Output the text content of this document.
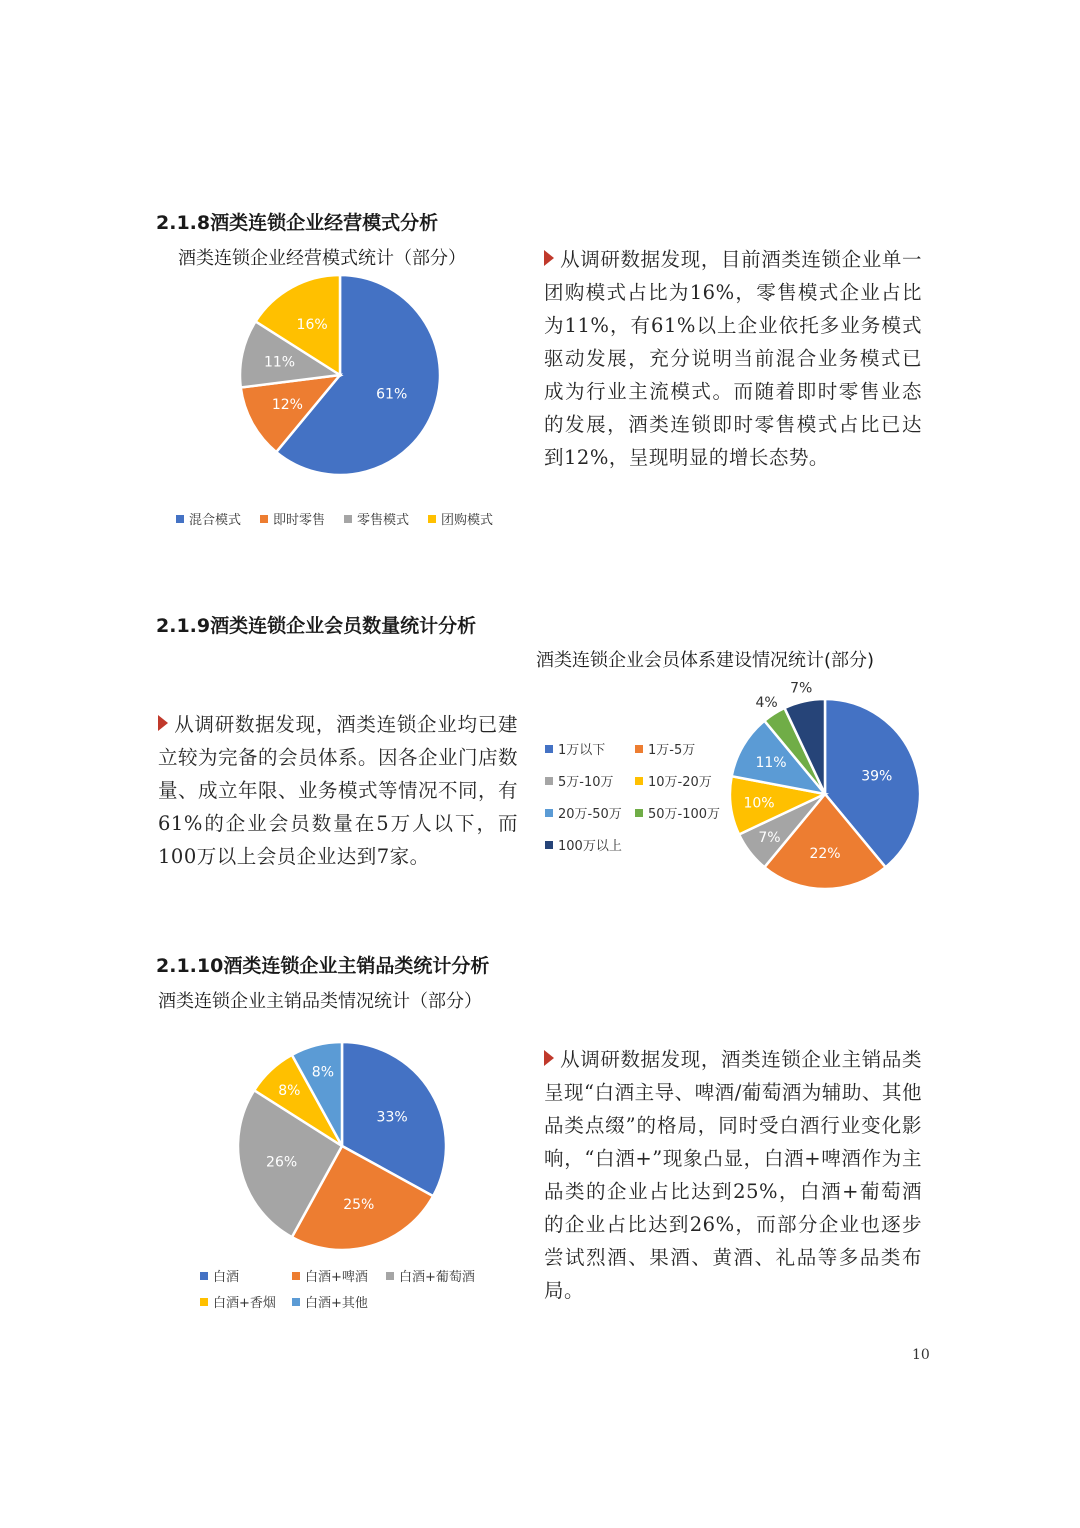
2.1.8酒类连锁企业经营模式分析
酒类连锁企业经营模式统计（部分）
61%
12%
11%
16%
混合模式	即时零售	零售模式	团购模式
从调研数据发现，目前酒类连锁企业单一团购模式占比为16%，零售模式企业占比为11%，有61%以上企业依托多业务模式驱动发展，充分说明当前混合业务模式已成为行业主流模式。而随着即时零售业态的发展，酒类连锁即时零售模式占比已达到12%，呈现明显的增长态势。
2.1.9酒类连锁企业会员数量统计分析
酒类连锁企业会员体系建设情况统计(部分)
从调研数据发现，酒类连锁企业均已建立较为完备的会员体系。因各企业门店数量、成立年限、业务模式等情况不同，有61%的企业会员数量在5万人以下，而100万以上会员企业达到7家。
1万以下	1万-5万
5万-10万	10万-20万
20万-50万	50万-100万
100万以上
39%
22%
7%
10%
11%
4%
7%
2.1.10酒类连锁企业主销品类统计分析
酒类连锁企业主销品类情况统计（部分）
33%
25%
26%
8%
8%
白酒	白酒+啤酒	白酒+葡萄酒
白酒+香烟	白酒+其他
从调研数据发现，酒类连锁企业主销品类呈现“白酒主导、啤酒/葡萄酒为辅助、其他品类点缀”的格局，同时受白酒行业变化影响，“白酒+”现象凸显，白酒+啤酒作为主品类的企业占比达到25%，白酒+葡萄酒的企业占比达到26%，而部分企业也逐步尝试烈酒、果酒、黄酒、礼品等多品类布局。
10
